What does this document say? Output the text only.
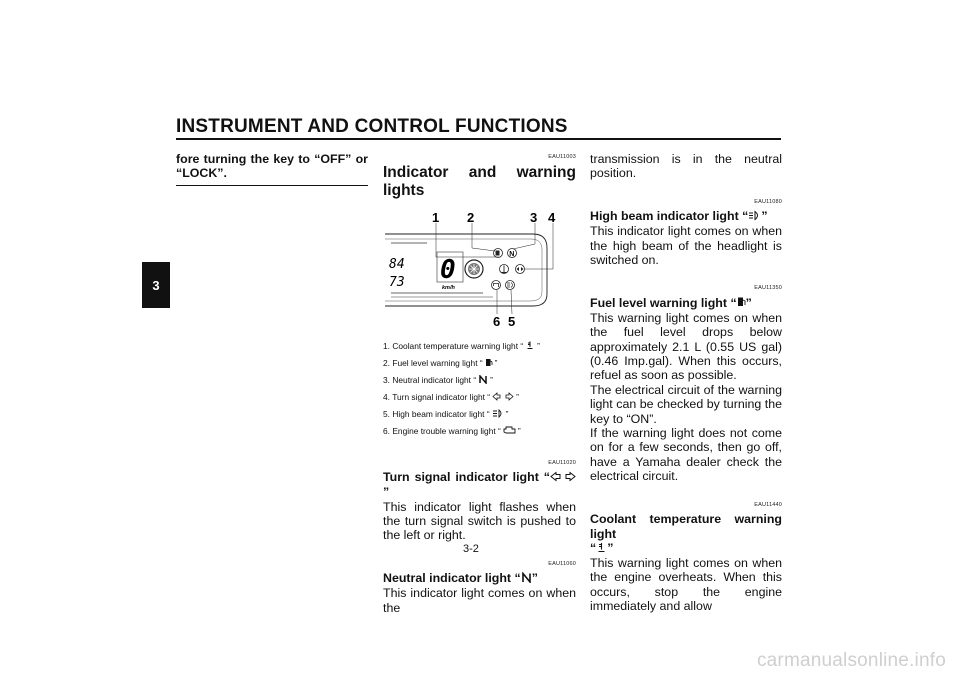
INSTRUMENT AND CONTROL FUNCTIONS
3

fore turning the key to “OFF” or “LOCK”.

EAU11003
Indicator and warning lights
1 2	3 4
6 5
84
73 0
km/h
N
1. Coolant temperature warning light “ ”
2. Fuel level warning light “ ”
3. Neutral indicator light “ ”
4. Turn signal indicator light “	”
5. High beam indicator light “ ”
6. Engine trouble warning light “ ”
EAU11020
Turn signal indicator light “”

This indicator light flashes when the turn signal switch is pushed to the left or right.

EAU11060
Neutral indicator light “ ”

This indicator light comes on when the

transmission is in the neutral position.

EAU11080
High beam indicator light “ ”

This indicator light comes on when the high beam of the headlight is switched on.

EAU11350
Fuel level warning light “ ”

This warning light comes on when the fuel level drops below approximately 2.1 L (0.55 US gal) (0.46 Imp.gal). When this occurs, refuel as soon as possible.

The electrical circuit of the warning light can be checked by turning the key to “ON”.

If the warning light does not come on for a few seconds, then go off, have a Yamaha dealer check the electrical circuit.

EAU11440
Coolant temperature warning light
“ ”

This warning light comes on when the engine overheats. When this occurs, stop the engine immediately and allow

3-2
carmanualsonline.info
